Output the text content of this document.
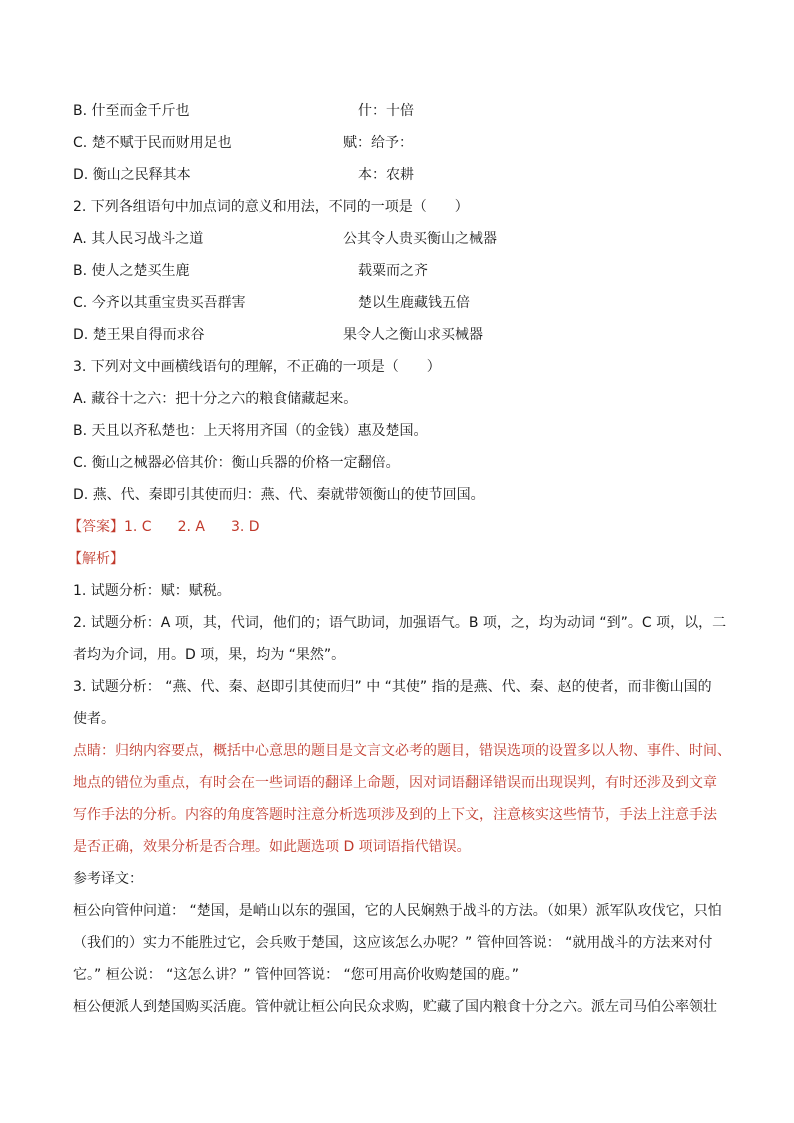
B. 什至而金千斤也	什：十倍
C. 楚不赋于民而财用足也	赋：给予：
D. 衡山之民释其本	本：农耕
2. 下列各组语句中加点词的意义和用法，不同的一项是（　　）
A. 其人民习战斗之道	公其令人贵买衡山之械器
B. 使人之楚买生鹿	载粟而之齐
C. 今齐以其重宝贵买吾群害	楚以生鹿藏钱五倍
D. 楚王果自得而求谷	果令人之衡山求买械器
3. 下列对文中画横线语句的理解，不正确的一项是（　　）
A. 藏谷十之六：把十分之六的粮食储藏起来。
B. 天且以齐私楚也：上天将用齐国（的金钱）惠及楚国。
C. 衡山之械器必倍其价：衡山兵器的价格一定翻倍。
D. 燕、代、秦即引其使而归：燕、代、秦就带领衡山的使节回国。
【答案】1. C 2. A 3. D
【解析】
1. 试题分析：赋：赋税。
2. 试题分析：A 项，其，代词，他们的；语气助词，加强语气。B 项，之，均为动词 “到”。C 项，以，二
者均为介词，用。D 项，果，均为 “果然”。
3. 试题分析： “燕、代、秦、赵即引其使而归” 中 “其使” 指的是燕、代、秦、赵的使者，而非衡山国的
使者。
点睛：归纳内容要点，概括中心意思的题目是文言文必考的题目，错误选项的设置多以人物、事件、时间、
地点的错位为重点，有时会在一些词语的翻译上命题，因对词语翻译错误而出现误判，有时还涉及到文章
写作手法的分析。内容的角度答题时注意分析选项涉及到的上下文，注意核实这些情节，手法上注意手法
是否正确，效果分析是否合理。如此题选项 D 项词语指代错误。
参考译文：
桓公向管仲问道： “楚国，是峭山以东的强国，它的人民娴熟于战斗的方法。（如果）派军队攻伐它，只怕
（我们的）实力不能胜过它，会兵败于楚国，这应该怎么办呢？” 管仲回答说： “就用战斗的方法来对付
它。” 桓公说： “这怎么讲？” 管仲回答说： “您可用高价收购楚国的鹿。”
桓公便派人到楚国购买活鹿。管仲就让桓公向民众求购，贮藏了国内粮食十分之六。派左司马伯公率领壮
